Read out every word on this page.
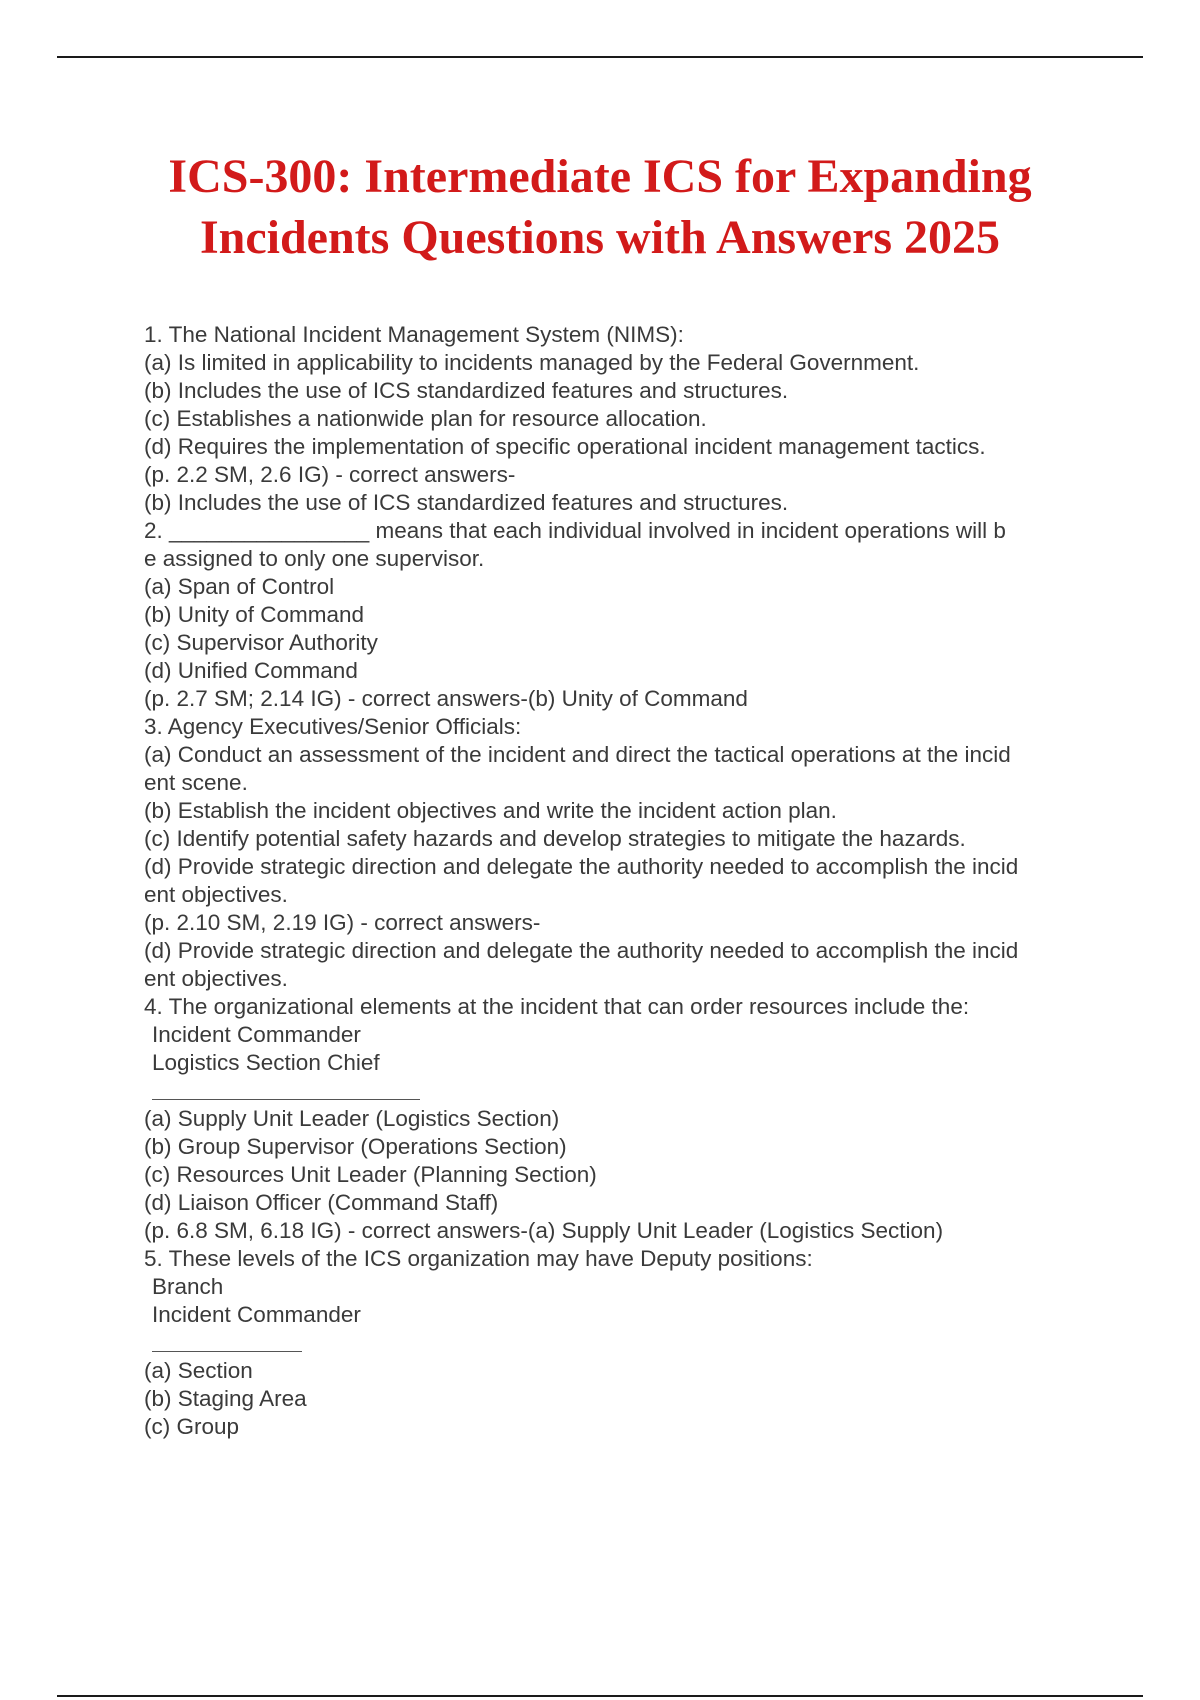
ICS-300: Intermediate ICS for Expanding
Incidents Questions with Answers 2025
1. The National Incident Management System (NIMS):
(a) Is limited in applicability to incidents managed by the Federal Government.
(b) Includes the use of ICS standardized features and structures.
(c) Establishes a nationwide plan for resource allocation.
(d) Requires the implementation of specific operational incident management tactics.
(p. 2.2 SM, 2.6 IG) - correct answers-
(b) Includes the use of ICS standardized features and structures.
2. ________________ means that each individual involved in incident operations will b
e assigned to only one supervisor.
(a) Span of Control
(b) Unity of Command
(c) Supervisor Authority
(d) Unified Command
(p. 2.7 SM; 2.14 IG) - correct answers-(b) Unity of Command
3. Agency Executives/Senior Officials:
(a) Conduct an assessment of the incident and direct the tactical operations at the incid
ent scene.
(b) Establish the incident objectives and write the incident action plan.
(c) Identify potential safety hazards and develop strategies to mitigate the hazards.
(d) Provide strategic direction and delegate the authority needed to accomplish the incid
ent objectives.
(p. 2.10 SM, 2.19 IG) - correct answers-
(d) Provide strategic direction and delegate the authority needed to accomplish the incid
ent objectives.
4. The organizational elements at the incident that can order resources include the:
Incident Commander
Logistics Section Chief
(a) Supply Unit Leader (Logistics Section)
(b) Group Supervisor (Operations Section)
(c) Resources Unit Leader (Planning Section)
(d) Liaison Officer (Command Staff)
(p. 6.8 SM, 6.18 IG) - correct answers-(a) Supply Unit Leader (Logistics Section)
5. These levels of the ICS organization may have Deputy positions:
Branch
Incident Commander
(a) Section
(b) Staging Area
(c) Group
